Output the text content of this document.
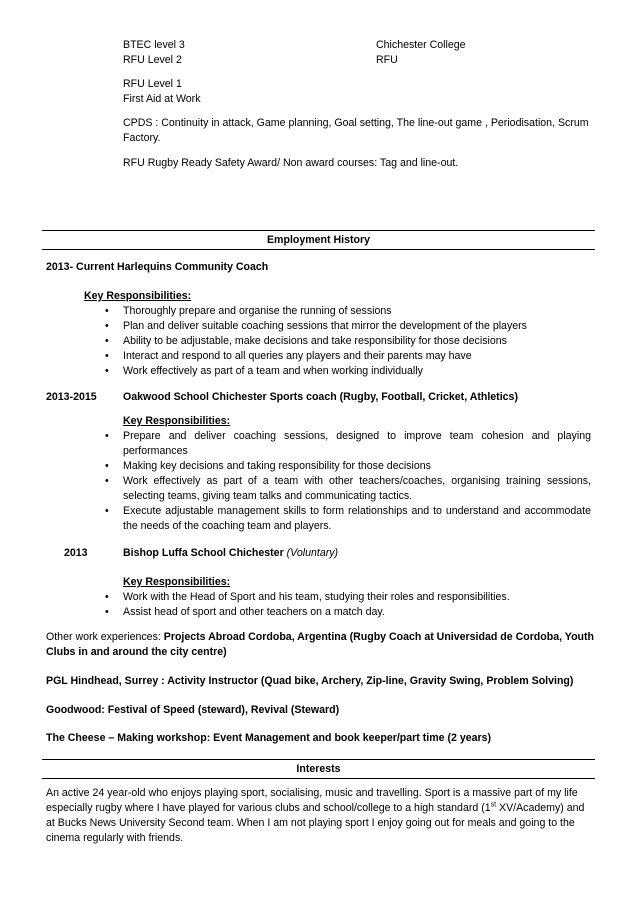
BTEC level 3	Chichester College
RFU Level 2	RFU
RFU Level 1
First Aid at Work
CPDS : Continuity in attack, Game planning, Goal setting, The line-out game , Periodisation, Scrum Factory.
RFU Rugby Ready Safety Award/ Non award courses: Tag and line-out.
Employment History
2013- Current Harlequins Community Coach
Key Responsibilities:
• Thoroughly prepare and organise the running of sessions
• Plan and deliver suitable coaching sessions that mirror the development of the players
• Ability to be adjustable, make decisions and take responsibility for those decisions
• Interact and respond to all queries any players and their parents may have
• Work effectively as part of a team and when working individually
2013-2015 Oakwood School Chichester Sports coach (Rugby, Football, Cricket, Athletics)
Key Responsibilities:
• Prepare and deliver coaching sessions, designed to improve team cohesion and playing performances
• Making key decisions and taking responsibility for those decisions
• Work effectively as part of a team with other teachers/coaches, organising training sessions, selecting teams, giving team talks and communicating tactics.
• Execute adjustable management skills to form relationships and to understand and accommodate the needs of the coaching team and players.
2013	Bishop Luffa School Chichester (Voluntary)
Key Responsibilities:
• Work with the Head of Sport and his team, studying their roles and responsibilities.
• Assist head of sport and other teachers on a match day.
Other work experiences: Projects Abroad Cordoba, Argentina (Rugby Coach at Universidad de Cordoba, Youth Clubs in and around the city centre)
PGL Hindhead, Surrey : Activity Instructor (Quad bike, Archery, Zip-line, Gravity Swing, Problem Solving)
Goodwood: Festival of Speed (steward), Revival (Steward)
The Cheese – Making workshop: Event Management and book keeper/part time (2 years)
Interests
An active 24 year-old who enjoys playing sport, socialising, music and travelling. Sport is a massive part of my life especially rugby where I have played for various clubs and school/college to a high standard (1st XV/Academy) and at Bucks News University Second team. When I am not playing sport I enjoy going out for meals and going to the cinema regularly with friends.
